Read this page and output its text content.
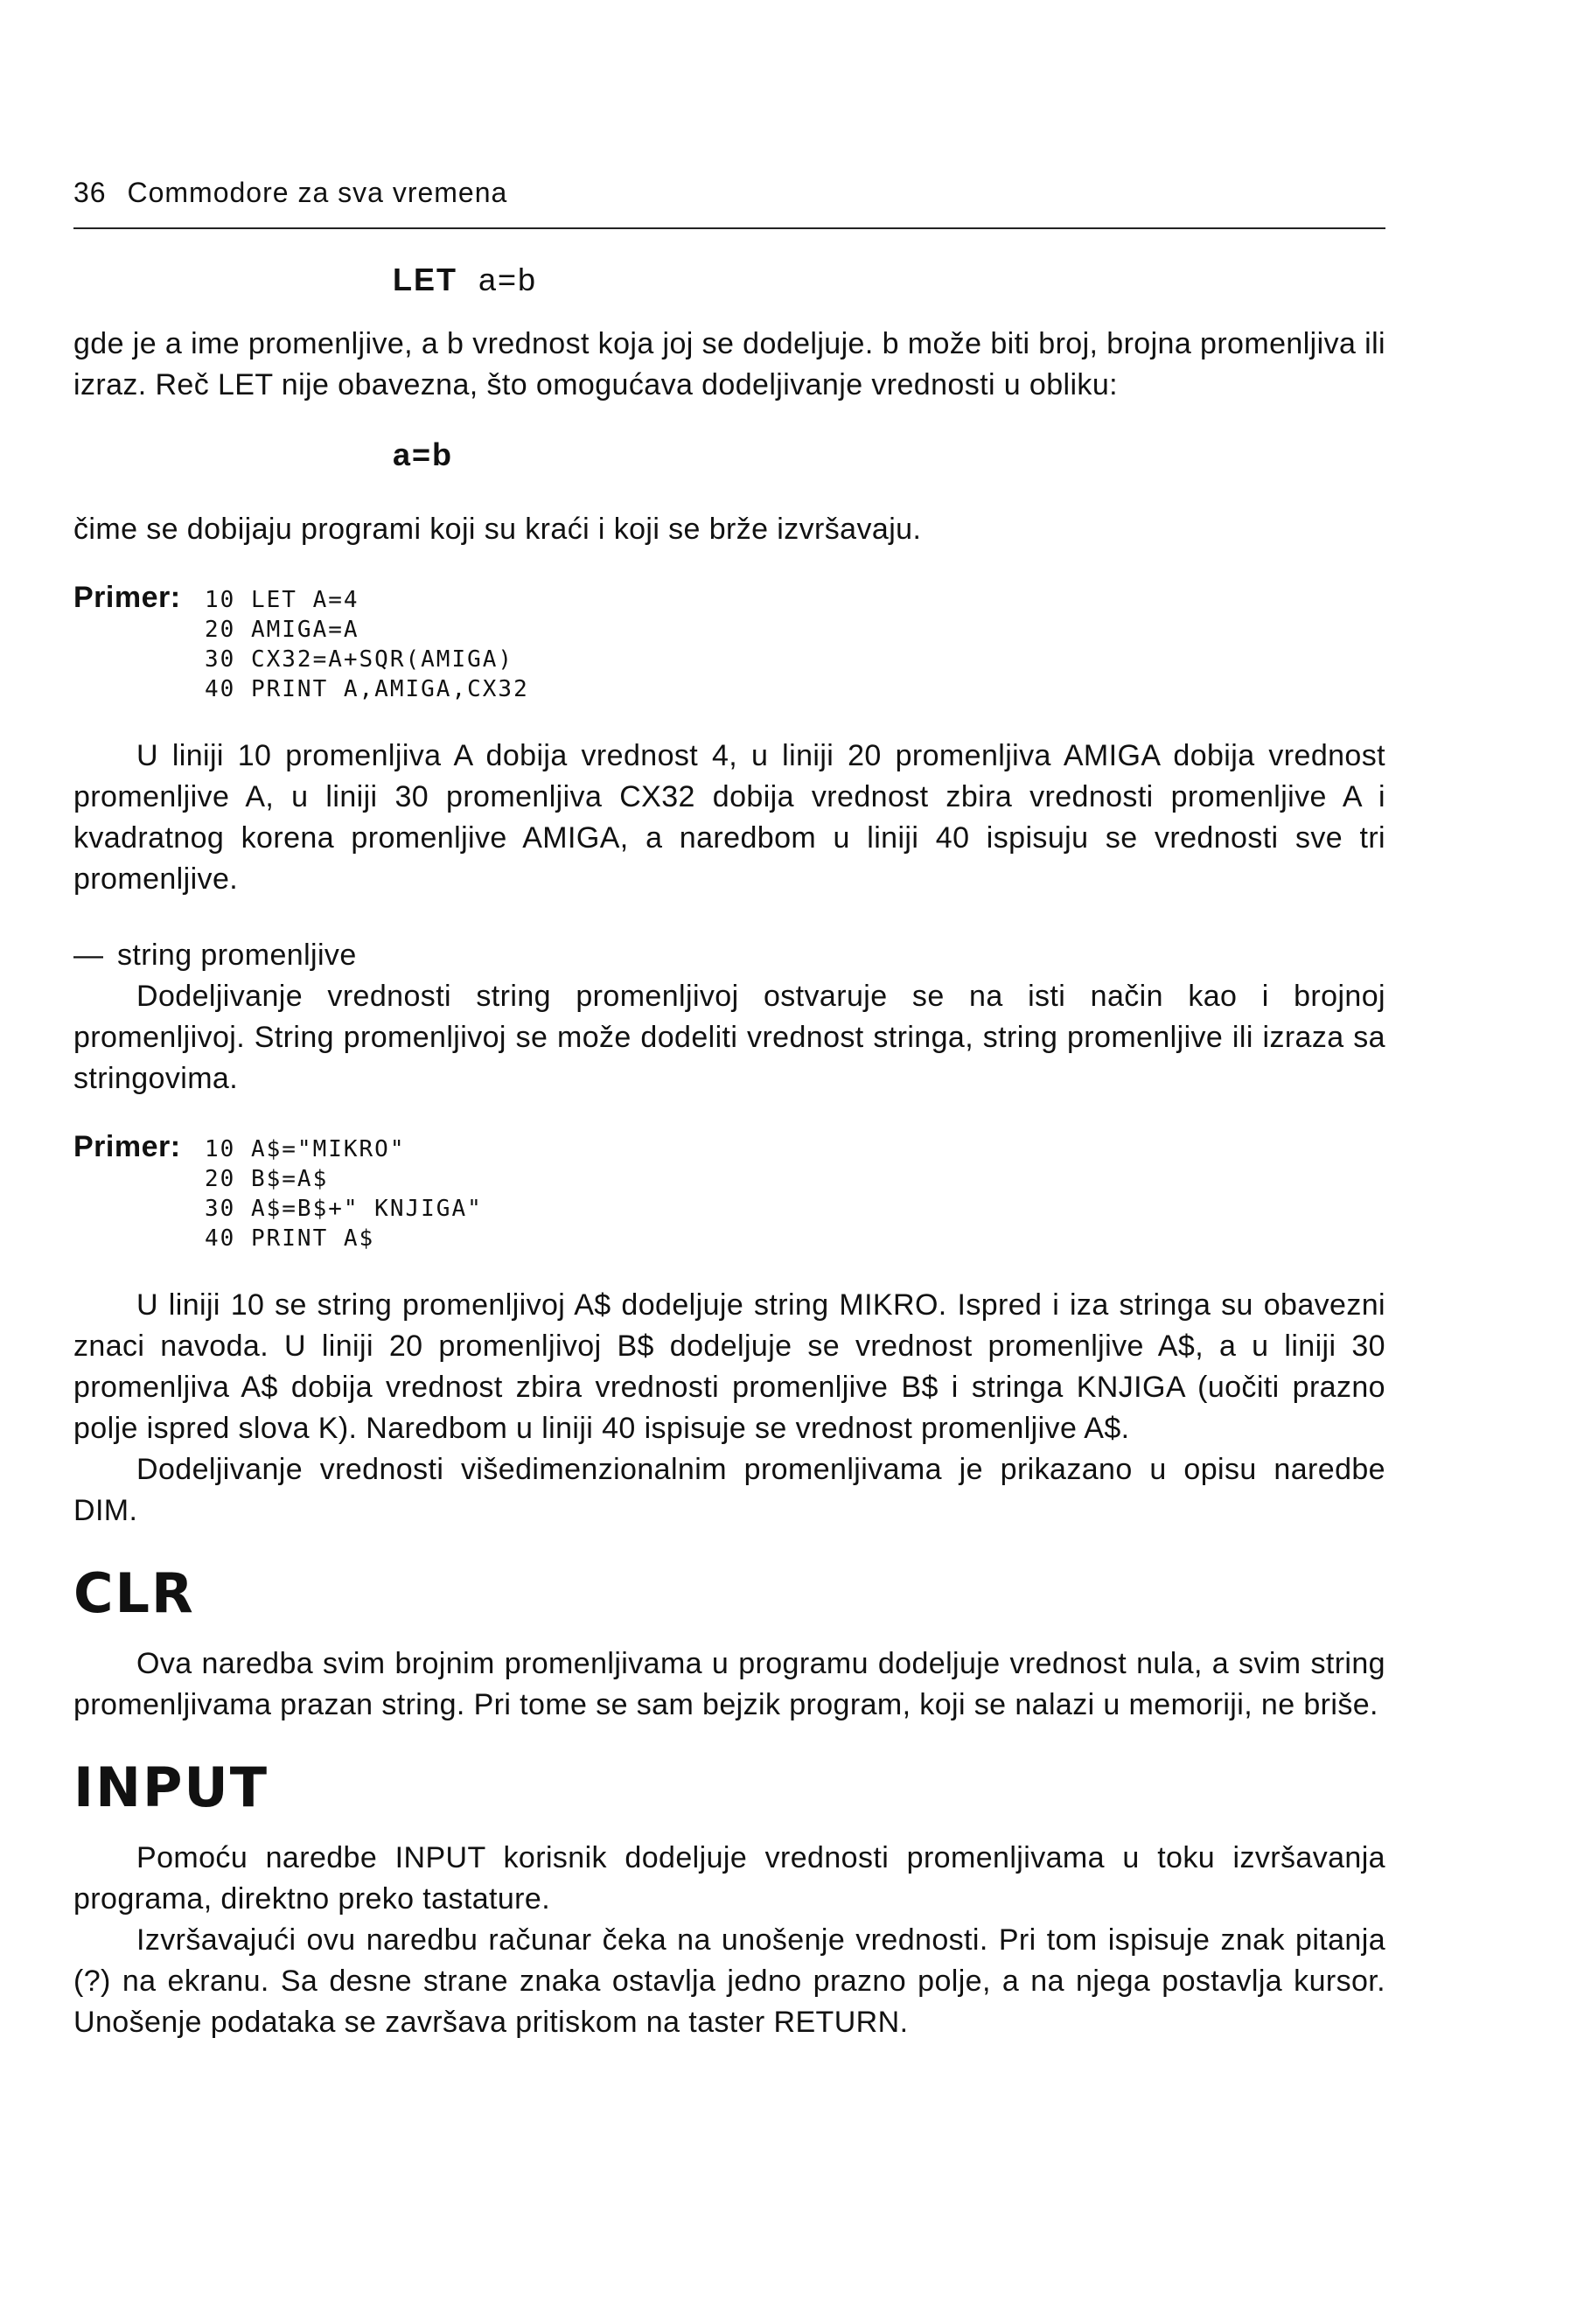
36 Commodore za sva vremena
LET a=b

gde je a ime promenljive, a b vrednost koja joj se dodeljuje. b može biti broj, brojna promenljiva ili izraz. Reč LET nije obavezna, što omogućava dodeljivanje vrednosti u obliku:

a=b

čime se dobijaju programi koji su kraći i koji se brže izvršavaju.

Primer:	10 LET A=4
20 AMIGA=A
30 CX32=A+SQR(AMIGA)
40 PRINT A,AMIGA,CX32

U liniji 10 promenljiva A dobija vrednost 4, u liniji 20 promenljiva AMIGA dobija vrednost promenljive A, u liniji 30 promenljiva CX32 dobija vrednost zbira vrednosti promenljive A i kvadratnog korena promenljive AMIGA, a naredbom u liniji 40 ispisuju se vrednosti sve tri promenljive.

— string promenljive

Dodeljivanje vrednosti string promenljivoj ostvaruje se na isti način kao i brojnoj promenljivoj. String promenljivoj se može dodeliti vrednost stringa, string promenljive ili izraza sa stringovima.

Primer:	10 A$="MIKRO"
20 B$=A$
30 A$=B$+" KNJIGA"
40 PRINT A$

U liniji 10 se string promenljivoj A$ dodeljuje string MIKRO. Ispred i iza stringa su obavezni znaci navoda. U liniji 20 promenljivoj B$ dodeljuje se vrednost promenljive A$, a u liniji 30 promenljiva A$ dobija vrednost zbira vrednosti promenljive B$ i stringa KNJIGA (uočiti prazno polje ispred slova K). Naredbom u liniji 40 ispisuje se vrednost promenljive A$.

Dodeljivanje vrednosti višedimenzionalnim promenljivama je prikazano u opisu naredbe DIM.

CLR

Ova naredba svim brojnim promenljivama u programu dodeljuje vrednost nula, a svim string promenljivama prazan string. Pri tome se sam bejzik program, koji se nalazi u memoriji, ne briše.

INPUT

Pomoću naredbe INPUT korisnik dodeljuje vrednosti promenljivama u toku izvršavanja programa, direktno preko tastature.

Izvršavajući ovu naredbu računar čeka na unošenje vrednosti. Pri tom ispisuje znak pitanja (?) na ekranu. Sa desne strane znaka ostavlja jedno prazno polje, a na njega postavlja kursor. Unošenje podataka se završava pritiskom na taster RETURN.
